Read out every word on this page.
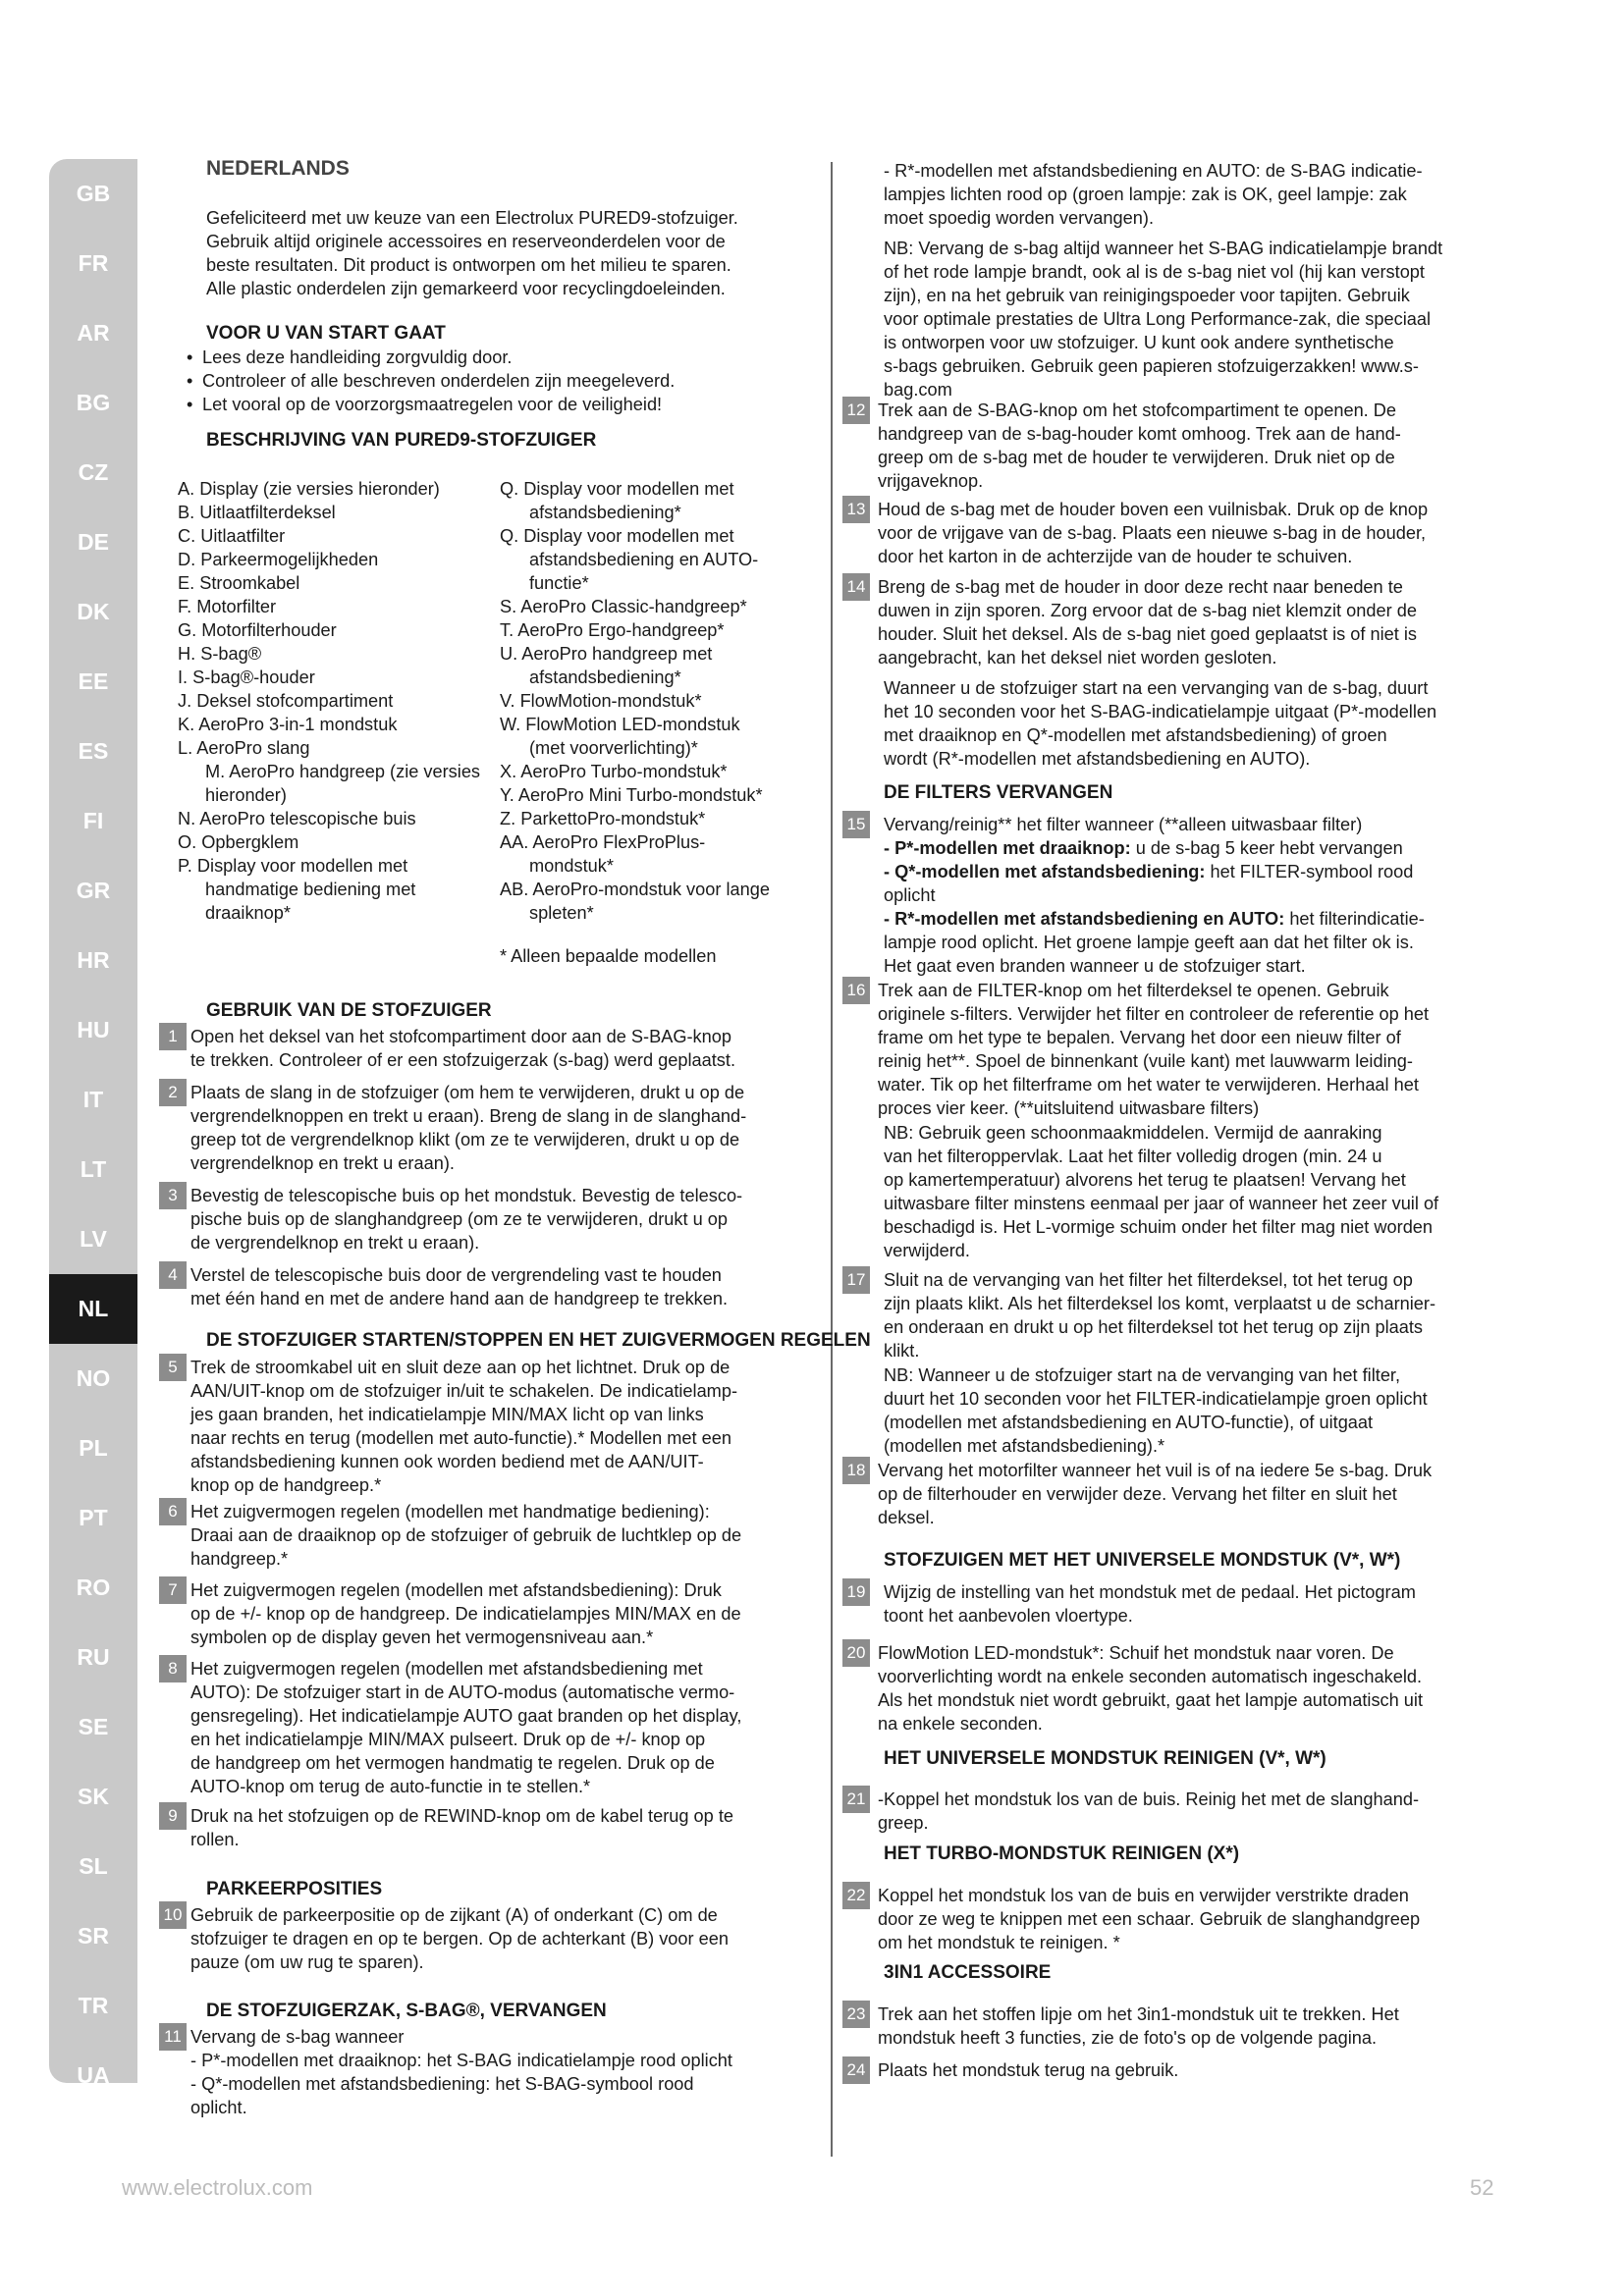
GB
FR
AR
BG
CZ
DE
DK
EE
ES
FI
GR
HR
HU
IT
LT
LV
NL
NO
PL
PT
RO
RU
SE
SK
SL
SR
TR
UA
NEDERLANDS
Gefeliciteerd met uw keuze van een Electrolux PURED9-stofzuiger.
Gebruik altijd originele accessoires en reserveonderdelen voor de
beste resultaten. Dit product is ontworpen om het milieu te sparen.
Alle plastic onderdelen zijn gemarkeerd voor recyclingdoeleinden.
VOOR U VAN START GAAT
• Lees deze handleiding zorgvuldig door.
• Controleer of alle beschreven onderdelen zijn meegeleverd.
• Let vooral op de voorzorgsmaatregelen voor de veiligheid!
BESCHRIJVING VAN PURED9-STOFZUIGER
A. Display (zie versies hieronder)
B. Uitlaatfilterdeksel
C. Uitlaatfilter
D. Parkeermogelijkheden
E. Stroomkabel
F. Motorfilter
G. Motorfilterhouder
H. S-bag®
I. S-bag®-houder
J. Deksel stofcompartiment
K. AeroPro 3-in-1 mondstuk
L. AeroPro slang
M. AeroPro handgreep (zie versies
hieronder)
N. AeroPro telescopische buis
O. Opbergklem
P. Display voor modellen met
handmatige bediening met
draaiknop*
Q. Display voor modellen met
afstandsbediening*
Q. Display voor modellen met
afstandsbediening en AUTO-
functie*
S. AeroPro Classic-handgreep*
T. AeroPro Ergo-handgreep*
U. AeroPro handgreep met
afstandsbediening*
V. FlowMotion-mondstuk*
W. FlowMotion LED-mondstuk
(met voorverlichting)*
X. AeroPro Turbo-mondstuk*
Y. AeroPro Mini Turbo-mondstuk*
Z. ParkettoPro-mondstuk*
AA. AeroPro FlexProPlus-
mondstuk*
AB. AeroPro-mondstuk voor lange
spleten*
* Alleen bepaalde modellen
GEBRUIK VAN DE STOFZUIGER
1 Open het deksel van het stofcompartiment door aan de S-BAG-knop
te trekken. Controleer of er een stofzuigerzak (s-bag) werd geplaatst.
2 Plaats de slang in de stofzuiger (om hem te verwijderen, drukt u op de
vergrendelknoppen en trekt u eraan). Breng de slang in de slanghand-
greep tot de vergrendelknop klikt (om ze te verwijderen, drukt u op de
vergrendelknop en trekt u eraan).
3 Bevestig de telescopische buis op het mondstuk. Bevestig de telesco-
pische buis op de slanghandgreep (om ze te verwijderen, drukt u op
de vergrendelknop en trekt u eraan).
4 Verstel de telescopische buis door de vergrendeling vast te houden
met één hand en met de andere hand aan de handgreep te trekken.
DE STOFZUIGER STARTEN/STOPPEN EN HET ZUIGVERMOGEN REGELEN
5 Trek de stroomkabel uit en sluit deze aan op het lichtnet. Druk op de
AAN/UIT-knop om de stofzuiger in/uit te schakelen. De indicatielamp-
jes gaan branden, het indicatielampje MIN/MAX licht op van links
naar rechts en terug (modellen met auto-functie).* Modellen met een
afstandsbediening kunnen ook worden bediend met de AAN/UIT-
knop op de handgreep.*
6 Het zuigvermogen regelen (modellen met handmatige bediening):
Draai aan de draaiknop op de stofzuiger of gebruik de luchtklep op de
handgreep.*
7 Het zuigvermogen regelen (modellen met afstandsbediening): Druk
op de +/- knop op de handgreep. De indicatielampjes MIN/MAX en de
symbolen op de display geven het vermogensniveau aan.*
8 Het zuigvermogen regelen (modellen met afstandsbediening met
AUTO): De stofzuiger start in de AUTO-modus (automatische vermo-
gensregeling). Het indicatielampje AUTO gaat branden op het display,
en het indicatielampje MIN/MAX pulseert. Druk op de +/- knop op
de handgreep om het vermogen handmatig te regelen. Druk op de
AUTO-knop om terug de auto-functie in te stellen.*
9 Druk na het stofzuigen op de REWIND-knop om de kabel terug op te
rollen.
PARKEERPOSITIES
10 Gebruik de parkeerpositie op de zijkant (A) of onderkant (C) om de
stofzuiger te dragen en op te bergen. Op de achterkant (B) voor een
pauze (om uw rug te sparen).
DE STOFZUIGERZAK, S-BAG®, VERVANGEN
11 Vervang de s-bag wanneer
- P*-modellen met draaiknop: het S-BAG indicatielampje rood oplicht
- Q*-modellen met afstandsbediening: het S-BAG-symbool rood
oplicht.
- R*-modellen met afstandsbediening en AUTO: de S-BAG indicatie-
lampjes lichten rood op (groen lampje: zak is OK, geel lampje: zak
moet spoedig worden vervangen).
NB: Vervang de s-bag altijd wanneer het S-BAG indicatielampje brandt
of het rode lampje brandt, ook al is de s-bag niet vol (hij kan verstopt
zijn), en na het gebruik van reinigingspoeder voor tapijten. Gebruik
voor optimale prestaties de Ultra Long Performance-zak, die speciaal
is ontworpen voor uw stofzuiger. U kunt ook andere synthetische
s-bags gebruiken. Gebruik geen papieren stofzuigerzakken! www.s-
bag.com
12 Trek aan de S-BAG-knop om het stofcompartiment te openen. De
handgreep van de s-bag-houder komt omhoog. Trek aan de hand-
greep om de s-bag met de houder te verwijderen. Druk niet op de
vrijgaveknop.
13 Houd de s-bag met de houder boven een vuilnisbak. Druk op de knop
voor de vrijgave van de s-bag. Plaats een nieuwe s-bag in de houder,
door het karton in de achterzijde van de houder te schuiven.
14 Breng de s-bag met de houder in door deze recht naar beneden te
duwen in zijn sporen. Zorg ervoor dat de s-bag niet klemzit onder de
houder. Sluit het deksel. Als de s-bag niet goed geplaatst is of niet is
aangebracht, kan het deksel niet worden gesloten.
Wanneer u de stofzuiger start na een vervanging van de s-bag, duurt
het 10 seconden voor het S-BAG-indicatielampje uitgaat (P*-modellen
met draaiknop en Q*-modellen met afstandsbediening) of groen
wordt (R*-modellen met afstandsbediening en AUTO).
DE FILTERS VERVANGEN
15 Vervang/reinig** het filter wanneer (**alleen uitwasbaar filter)
- P*-modellen met draaiknop: u de s-bag 5 keer hebt vervangen
- Q*-modellen met afstandsbediening: het FILTER-symbool rood
oplicht
- R*-modellen met afstandsbediening en AUTO: het filterindicatie-
lampje rood oplicht. Het groene lampje geeft aan dat het filter ok is.
Het gaat even branden wanneer u de stofzuiger start.
16 Trek aan de FILTER-knop om het filterdeksel te openen. Gebruik
originele s-filters. Verwijder het filter en controleer de referentie op het
frame om het type te bepalen. Vervang het door een nieuw filter of
reinig het**. Spoel de binnenkant (vuile kant) met lauwwarm leiding-
water. Tik op het filterframe om het water te verwijderen. Herhaal het
proces vier keer. (**uitsluitend uitwasbare filters)
NB: Gebruik geen schoonmaakmiddelen. Vermijd de aanraking
van het filteroppervlak. Laat het filter volledig drogen (min. 24 u
op kamertemperatuur) alvorens het terug te plaatsen! Vervang het
uitwasbare filter minstens eenmaal per jaar of wanneer het zeer vuil of
beschadigd is. Het L-vormige schuim onder het filter mag niet worden
verwijderd.
17 Sluit na de vervanging van het filter het filterdeksel, tot het terug op
zijn plaats klikt. Als het filterdeksel los komt, verplaatst u de scharnier-
en onderaan en drukt u op het filterdeksel tot het terug op zijn plaats
klikt.
NB: Wanneer u de stofzuiger start na de vervanging van het filter,
duurt het 10 seconden voor het FILTER-indicatielampje groen oplicht
(modellen met afstandsbediening en AUTO-functie), of uitgaat
(modellen met afstandsbediening).*
18 Vervang het motorfilter wanneer het vuil is of na iedere 5e s-bag. Druk
op de filterhouder en verwijder deze. Vervang het filter en sluit het
deksel.
STOFZUIGEN MET HET UNIVERSELE MONDSTUK (V*, W*)
HET UNIVERSELE MONDSTUK REINIGEN (V*, W*)
HET TURBO-MONDSTUK REINIGEN (X*)
3IN1 ACCESSOIRE
19 Wijzig de instelling van het mondstuk met de pedaal. Het pictogram
toont het aanbevolen vloertype.
20 FlowMotion LED-mondstuk*: Schuif het mondstuk naar voren. De
voorverlichting wordt na enkele seconden automatisch ingeschakeld.
Als het mondstuk niet wordt gebruikt, gaat het lampje automatisch uit
na enkele seconden.
21 -Koppel het mondstuk los van de buis. Reinig het met de slanghand-
greep.
22 Koppel het mondstuk los van de buis en verwijder verstrikte draden
door ze weg te knippen met een schaar. Gebruik de slanghandgreep
om het mondstuk te reinigen. *
23 Trek aan het stoffen lipje om het 3in1-mondstuk uit te trekken. Het
mondstuk heeft 3 functies, zie de foto's op de volgende pagina.
24 Plaats het mondstuk terug na gebruik.
www.electrolux.com	52
